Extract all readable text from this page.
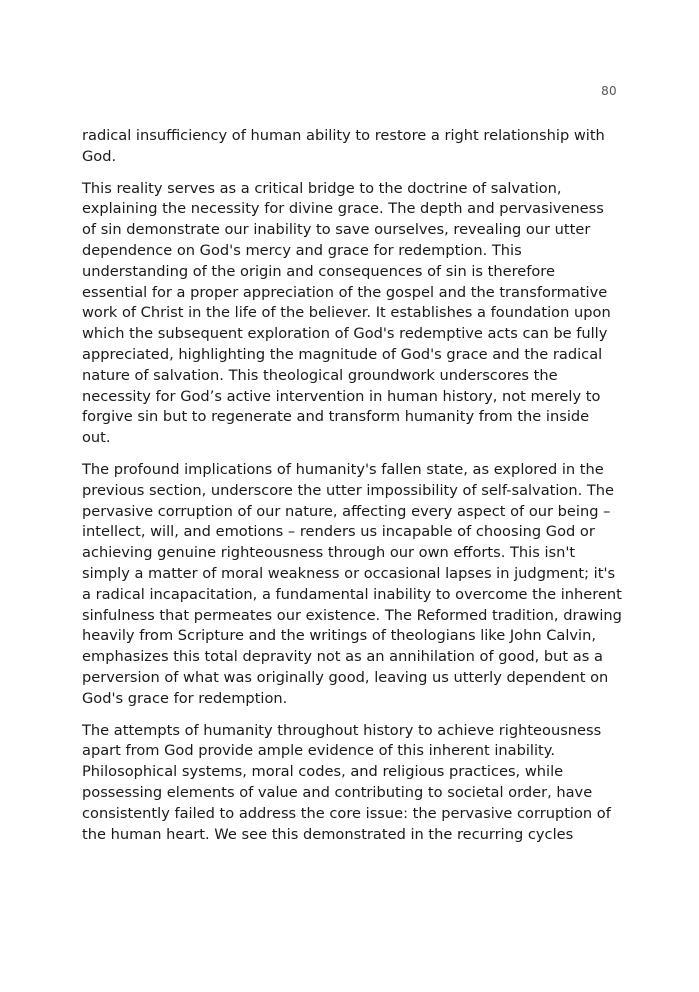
80

radical insufficiency of human ability to restore a right relationship with God.

This reality serves as a critical bridge to the doctrine of salvation, explaining the necessity for divine grace. The depth and pervasiveness of sin demonstrate our inability to save ourselves, revealing our utter dependence on God's mercy and grace for redemption. This understanding of the origin and consequences of sin is therefore essential for a proper appreciation of the gospel and the transformative work of Christ in the life of the believer. It establishes a foundation upon which the subsequent exploration of God's redemptive acts can be fully appreciated, highlighting the magnitude of God's grace and the radical nature of salvation. This theological groundwork underscores the necessity for God’s active intervention in human history, not merely to forgive sin but to regenerate and transform humanity from the inside out.

The profound implications of humanity's fallen state, as explored in the previous section, underscore the utter impossibility of self-salvation. The pervasive corruption of our nature, affecting every aspect of our being – intellect, will, and emotions – renders us incapable of choosing God or achieving genuine righteousness through our own efforts. This isn't simply a matter of moral weakness or occasional lapses in judgment; it's a radical incapacitation, a fundamental inability to overcome the inherent sinfulness that permeates our existence. The Reformed tradition, drawing heavily from Scripture and the writings of theologians like John Calvin, emphasizes this total depravity not as an annihilation of good, but as a perversion of what was originally good, leaving us utterly dependent on God's grace for redemption.

The attempts of humanity throughout history to achieve righteousness apart from God provide ample evidence of this inherent inability. Philosophical systems, moral codes, and religious practices, while possessing elements of value and contributing to societal order, have consistently failed to address the core issue: the pervasive corruption of the human heart. We see this demonstrated in the recurring cycles
